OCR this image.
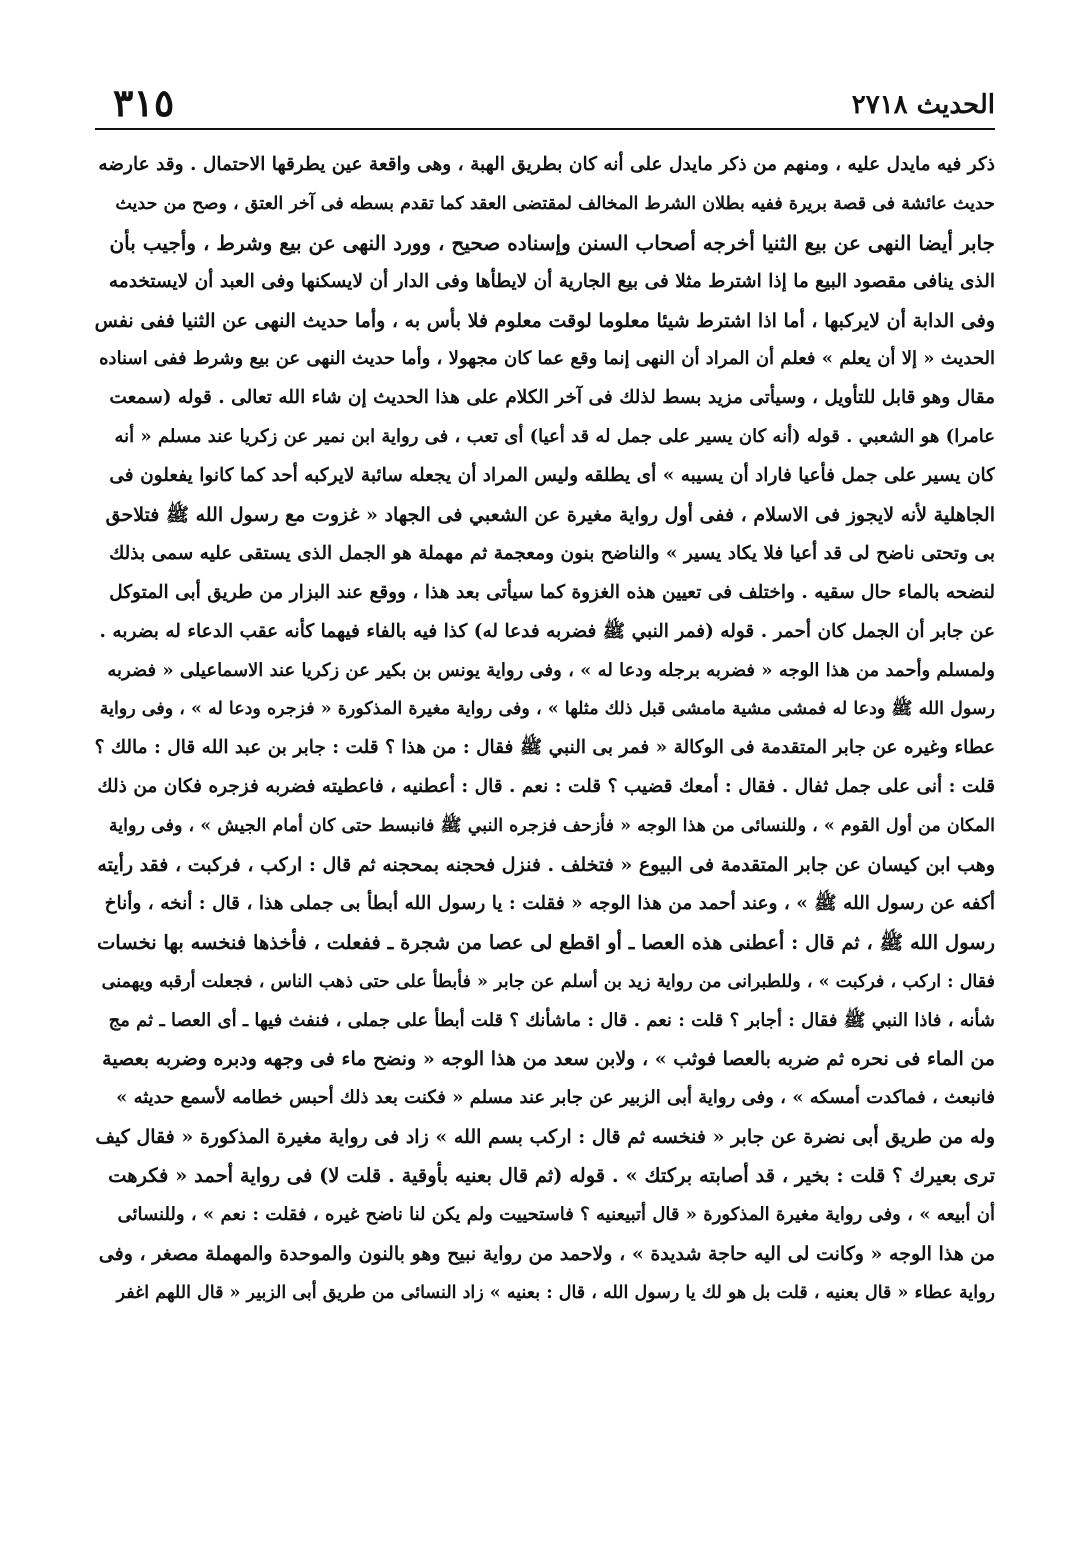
الحديث ٢٧١٨
٣١٥
ذكر فيه مايدل عليه ، ومنهم من ذكر مايدل على أنه كان بطريق الهبة ، وهى واقعة عين يطرقها الاحتمال . وقد عارضه
حديث عائشة فى قصة بريرة ففيه بطلان الشرط المخالف لمقتضى العقد كما تقدم بسطه فى آخر العتق ، وصح من حديث
جابر أيضا النهى عن بيع الثنيا أخرجه أصحاب السنن وإسناده صحيح ، وورد النهى عن بيع وشرط ، وأجيب بأن
الذى ينافى مقصود البيع ما إذا اشترط مثلا فى بيع الجارية أن لايطأها وفى الدار أن لايسكنها وفى العبد أن لايستخدمه
وفى الدابة أن لايركبها ، أما اذا اشترط شيئا معلوما لوقت معلوم فلا بأس به ، وأما حديث النهى عن الثنيا ففى نفس
الحديث « إلا أن يعلم » فعلم أن المراد أن النهى إنما وقع عما كان مجهولا ، وأما حديث النهى عن بيع وشرط ففى اسناده
مقال وهو قابل للتأويل ، وسيأتى مزيد بسط لذلك فى آخر الكلام على هذا الحديث إن شاء الله تعالى . قوله (سمعت
عامرا) هو الشعبي . قوله (أنه كان يسير على جمل له قد أعيا) أى تعب ، فى رواية ابن نمير عن زكريا عند مسلم « أنه
كان يسير على جمل فأعيا فاراد أن يسيبه » أى يطلقه وليس المراد أن يجعله سائبة لايركبه أحد كما كانوا يفعلون فى
الجاهلية لأنه لايجوز فى الاسلام ، ففى أول رواية مغيرة عن الشعبي فى الجهاد « غزوت مع رسول الله ﷺ فتلاحق
بى وتحتى ناضح لى قد أعيا فلا يكاد يسير » والناضح بنون ومعجمة ثم مهملة هو الجمل الذى يستقى عليه سمى بذلك
لنضحه بالماء حال سقيه . واختلف فى تعيين هذه الغزوة كما سيأتى بعد هذا ، ووقع عند البزار من طريق أبى المتوكل
عن جابر أن الجمل كان أحمر . قوله (فمر النبي ﷺ فضربه فدعا له) كذا فيه بالفاء فيهما كأنه عقب الدعاء له بضربه .
ولمسلم وأحمد من هذا الوجه « فضربه برجله ودعا له » ، وفى رواية يونس بن بكير عن زكريا عند الاسماعيلى « فضربه
رسول الله ﷺ ودعا له فمشى مشية مامشى قبل ذلك مثلها » ، وفى رواية مغيرة المذكورة « فزجره ودعا له » ، وفى رواية
عطاء وغيره عن جابر المتقدمة فى الوكالة « فمر بى النبي ﷺ فقال : من هذا ؟ قلت : جابر بن عبد الله قال : مالك ؟
قلت : أنى على جمل ثفال . فقال : أمعك قضيب ؟ قلت : نعم . قال : أعطنيه ، فاعطيته فضربه فزجره فكان من ذلك
المكان من أول القوم » ، وللنسائى من هذا الوجه « فأزحف فزجره النبي ﷺ فانبسط حتى كان أمام الجيش » ، وفى رواية
وهب ابن كيسان عن جابر المتقدمة فى البيوع « فتخلف . فنزل فحجنه بمحجنه ثم قال : اركب ، فركبت ، فقد رأيته
أكفه عن رسول الله ﷺ » ، وعند أحمد من هذا الوجه « فقلت : يا رسول الله أبطأ بى جملى هذا ، قال : أنخه ، وأناخ
رسول الله ﷺ ، ثم قال : أعطنى هذه العصا ـ أو اقطع لى عصا من شجرة ـ ففعلت ، فأخذها فنخسه بها نخسات
فقال : اركب ، فركبت » ، وللطبرانى من رواية زيد بن أسلم عن جابر « فأبطأ على حتى ذهب الناس ، فجعلت أرقبه ويهمنى
شأنه ، فاذا النبي ﷺ فقال : أجابر ؟ قلت : نعم . قال : ماشأنك ؟ قلت أبطأ على جملى ، فنفث فيها ـ أى العصا ـ ثم مج
من الماء فى نحره ثم ضربه بالعصا فوثب » ، ولابن سعد من هذا الوجه « ونضح ماء فى وجهه ودبره وضربه بعصية
فانبعث ، فماكدت أمسكه » ، وفى رواية أبى الزبير عن جابر عند مسلم « فكنت بعد ذلك أحبس خطامه لأسمع حديثه »
وله من طريق أبى نضرة عن جابر « فنخسه ثم قال : اركب بسم الله » زاد فى رواية مغيرة المذكورة « فقال كيف
ترى بعيرك ؟ قلت : بخير ، قد أصابته بركتك » . قوله (ثم قال بعنيه بأوقية . قلت لا) فى رواية أحمد « فكرهت
أن أبيعه » ، وفى رواية مغيرة المذكورة « قال أتبيعنيه ؟ فاستحييت ولم يكن لنا ناضح غيره ، فقلت : نعم » ، وللنسائى
من هذا الوجه « وكانت لى اليه حاجة شديدة » ، ولاحمد من رواية نبيح وهو بالنون والموحدة والمهملة مصغر ، وفى
رواية عطاء « قال بعنيه ، قلت بل هو لك يا رسول الله ، قال : بعنيه » زاد النسائى من طريق أبى الزبير « قال اللهم اغفر
